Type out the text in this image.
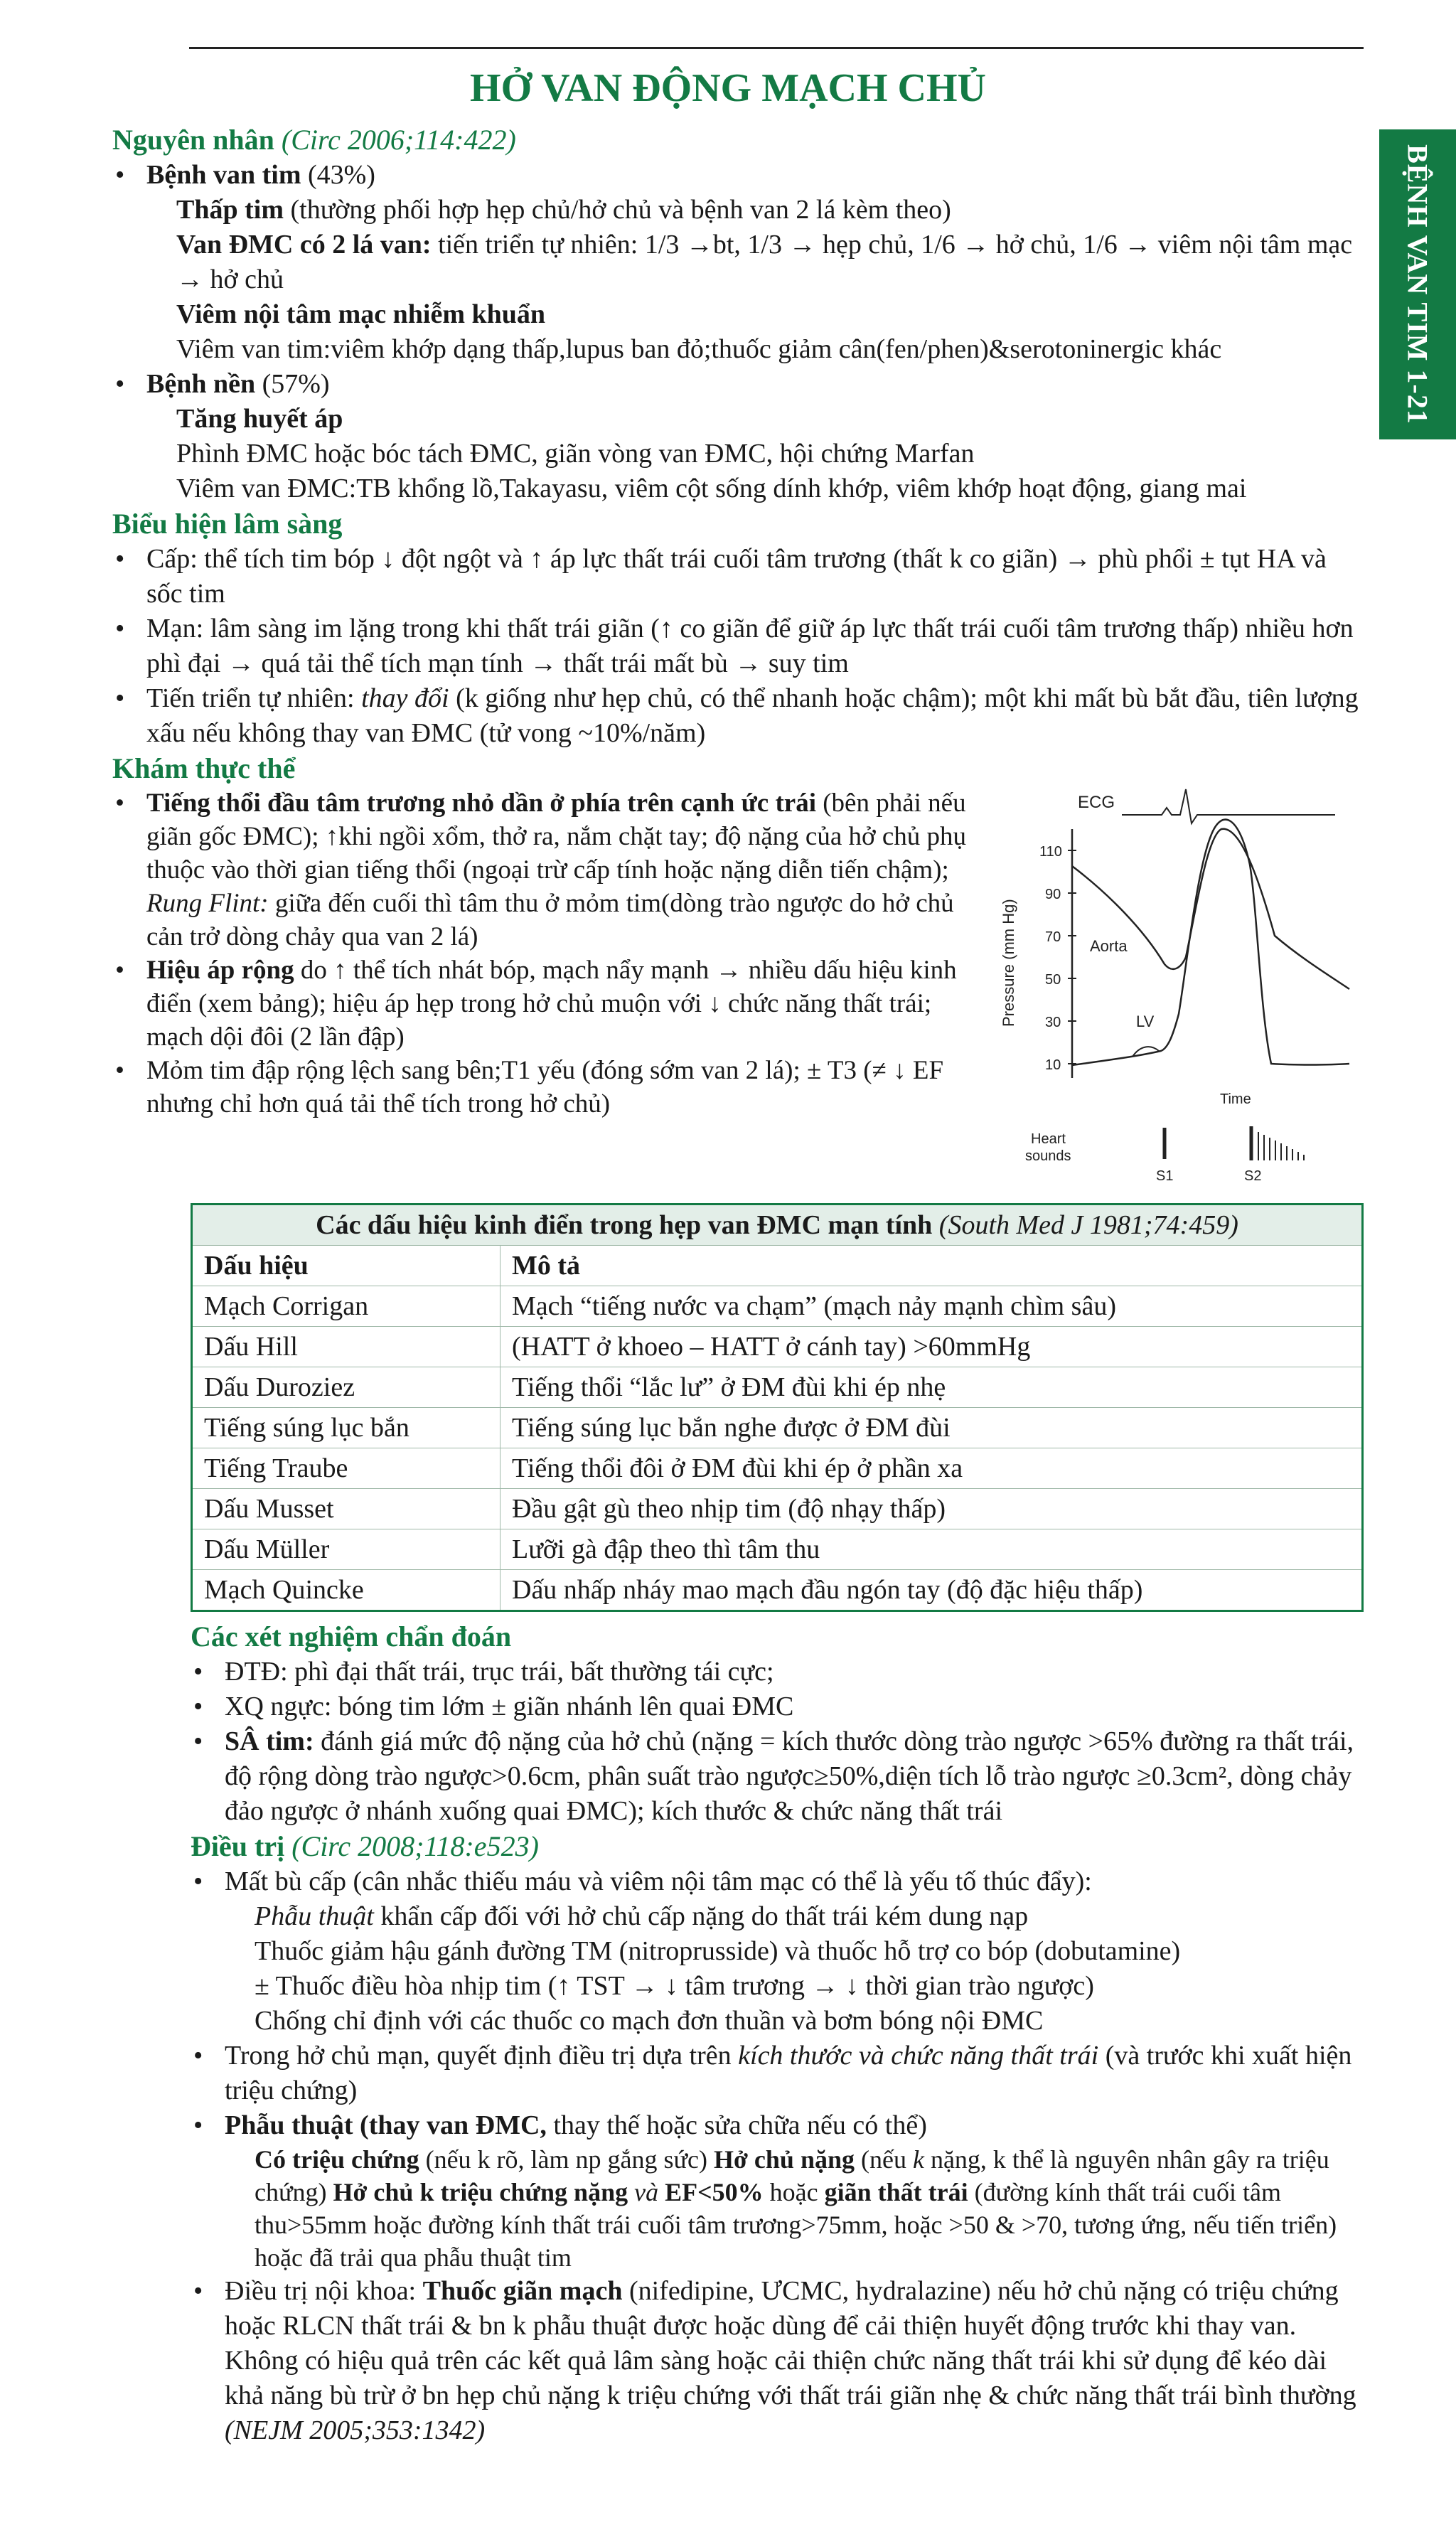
HỞ VAN ĐỘNG MẠCH CHỦ
BỆNH VAN TIM 1-21
Nguyên nhân (Circ 2006;114:422)

• Bệnh van tim (43%)

Thấp tim (thường phối hợp hẹp chủ/hở chủ và bệnh van 2 lá kèm theo)

Van ĐMC có 2 lá van: tiến triển tự nhiên: 1/3 →bt, 1/3 → hẹp chủ, 1/6 → hở chủ, 1/6 → viêm nội tâm mạc → hở chủ

Viêm nội tâm mạc nhiễm khuẩn

Viêm van tim:viêm khớp dạng thấp,lupus ban đỏ;thuốc giảm cân(fen/phen)&serotoninergic khác

• Bệnh nền (57%)

Tăng huyết áp

Phình ĐMC hoặc bóc tách ĐMC, giãn vòng van ĐMC, hội chứng Marfan

Viêm van ĐMC:TB khổng lồ,Takayasu, viêm cột sống dính khớp, viêm khớp hoạt động, giang mai

Biểu hiện lâm sàng

• Cấp: thể tích tim bóp ↓ đột ngột và ↑ áp lực thất trái cuối tâm trương (thất k co giãn) → phù phổi ± tụt HA và sốc tim

• Mạn: lâm sàng im lặng trong khi thất trái giãn (↑ co giãn để giữ áp lực thất trái cuối tâm trương thấp) nhiều hơn phì đại → quá tải thể tích mạn tính → thất trái mất bù → suy tim

• Tiến triển tự nhiên: thay đổi (k giống như hẹp chủ, có thể nhanh hoặc chậm); một khi mất bù bắt đầu, tiên lượng xấu nếu không thay van ĐMC (tử vong ~10%/năm)

Khám thực thể

• Tiếng thổi đầu tâm trương nhỏ dần ở phía trên cạnh ức trái (bên phải nếu giãn gốc ĐMC); ↑khi ngồi xổm, thở ra, nắm chặt tay; độ nặng của hở chủ phụ thuộc vào thời gian tiếng thổi (ngoại trừ cấp tính hoặc nặng diễn tiến chậm); Rung Flint: giữa đến cuối thì tâm thu ở mỏm tim(dòng trào ngược do hở chủ cản trở dòng chảy qua van 2 lá)

• Hiệu áp rộng do ↑ thể tích nhát bóp, mạch nẩy mạnh → nhiều dấu hiệu kinh điển (xem bảng); hiệu áp hẹp trong hở chủ muộn với ↓ chức năng thất trái; mạch dội đôi (2 lần đập)

• Mỏm tim đập rộng lệch sang bên;T1 yếu (đóng sớm van 2 lá); ± T3 (≠ ↓ EF nhưng chỉ hơn quá tải thể tích trong hở chủ)

ECG
110
90
70
50
30
10
Pressure (mm Hg)	Aorta
LV
Time
Heart
sounds
S1	S2
Các dấu hiệu kinh điển trong hẹp van ĐMC mạn tính (South Med J 1981;74:459)	
Dấu hiệu	Mô tả
Mạch Corrigan	Mạch “tiếng nước va chạm” (mạch nảy mạnh chìm sâu)
Dấu Hill	(HATT ở khoeo – HATT ở cánh tay) >60mmHg
Dấu Duroziez	Tiếng thổi “lắc lư” ở ĐM đùi khi ép nhẹ
Tiếng súng lục bắn	Tiếng súng lục bắn nghe được ở ĐM đùi
Tiếng Traube	Tiếng thổi đôi ở ĐM đùi khi ép ở phần xa
Dấu Musset	Đầu gật gù theo nhịp tim (độ nhạy thấp)
Dấu Müller	Lưỡi gà đập theo thì tâm thu
Mạch Quincke	Dấu nhấp nháy mao mạch đầu ngón tay (độ đặc hiệu thấp)
Các xét nghiệm chẩn đoán

• ĐTĐ: phì đại thất trái, trục trái, bất thường tái cực;

• XQ ngực: bóng tim lớm ± giãn nhánh lên quai ĐMC

• SÂ tim: đánh giá mức độ nặng của hở chủ (nặng = kích thước dòng trào ngược >65% đường ra thất trái, độ rộng dòng trào ngược>0.6cm, phân suất trào ngược≥50%,diện tích lỗ trào ngược ≥0.3cm², dòng chảy đảo ngược ở nhánh xuống quai ĐMC); kích thước & chức năng thất trái

Điều trị (Circ 2008;118:e523)

• Mất bù cấp (cân nhắc thiếu máu và viêm nội tâm mạc có thể là yếu tố thúc đẩy):

Phẫu thuật khẩn cấp đối với hở chủ cấp nặng do thất trái kém dung nạp

Thuốc giảm hậu gánh đường TM (nitroprusside) và thuốc hỗ trợ co bóp (dobutamine)

± Thuốc điều hòa nhịp tim (↑ TST → ↓ tâm trương → ↓ thời gian trào ngược)

Chống chỉ định với các thuốc co mạch đơn thuần và bơm bóng nội ĐMC

• Trong hở chủ mạn, quyết định điều trị dựa trên kích thước và chức năng thất trái (và trước khi xuất hiện triệu chứng)

• Phẫu thuật (thay van ĐMC, thay thế hoặc sửa chữa nếu có thể)

Có triệu chứng (nếu k rõ, làm np gắng sức) Hở chủ nặng (nếu k nặng, k thể là nguyên nhân gây ra triệu chứng) Hở chủ k triệu chứng nặng và EF<50% hoặc giãn thất trái (đường kính thất trái cuối tâm thu>55mm hoặc đường kính thất trái cuối tâm trương>75mm, hoặc >50 & >70, tương ứng, nếu tiến triển) hoặc đã trải qua phẫu thuật tim

• Điều trị nội khoa: Thuốc giãn mạch (nifedipine, ƯCMC, hydralazine) nếu hở chủ nặng có triệu chứng hoặc RLCN thất trái & bn k phẫu thuật được hoặc dùng để cải thiện huyết động trước khi thay van. Không có hiệu quả trên các kết quả lâm sàng hoặc cải thiện chức năng thất trái khi sử dụng để kéo dài khả năng bù trừ ở bn hẹp chủ nặng k triệu chứng với thất trái giãn nhẹ & chức năng thất trái bình thường (NEJM 2005;353:1342)
